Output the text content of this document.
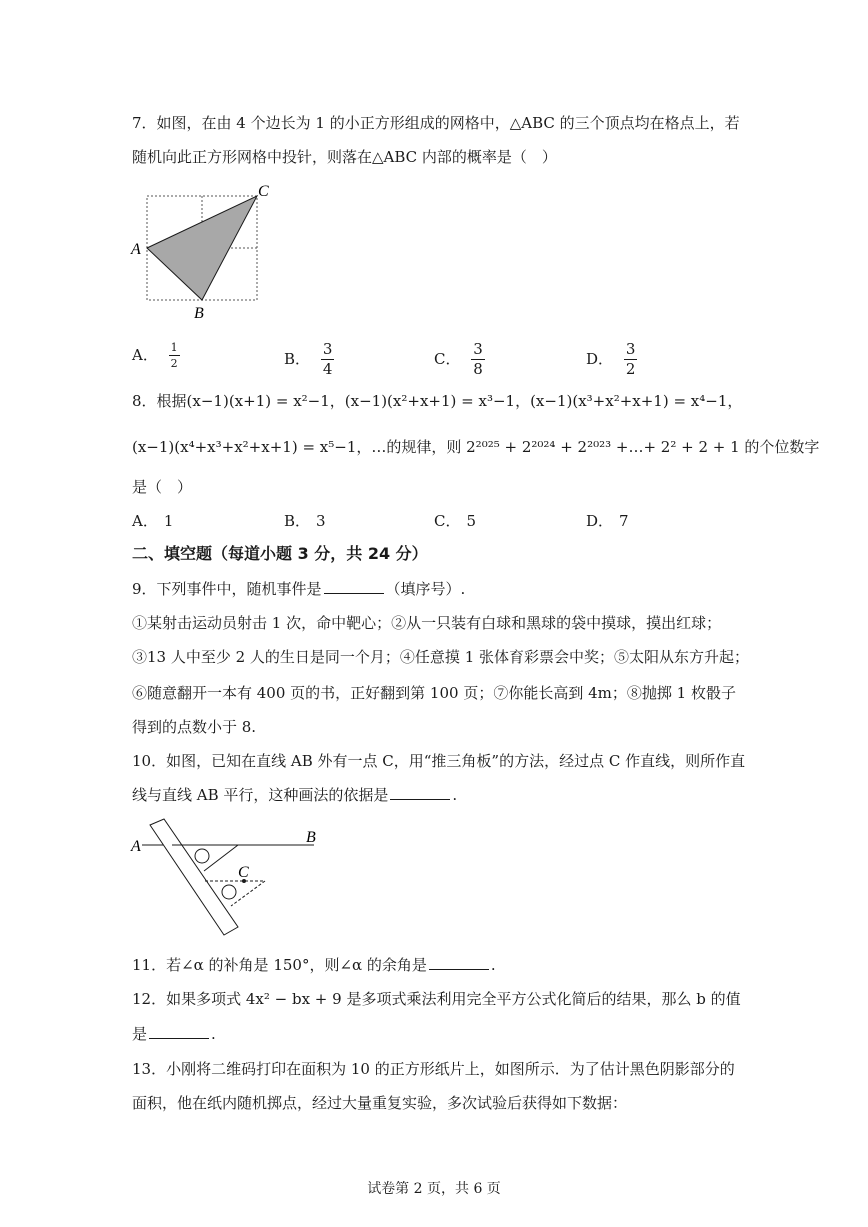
7．如图，在由 4 个边长为 1 的小正方形组成的网格中，△ABC 的三个顶点均在格点上，若
随机向此正方形网格中投针，则落在△ABC 内部的概率是（　）
A
C
B
A． $\frac{1}{2}$	B． $\frac{3}{4}$	C． $\frac{3}{8}$	D． $\frac{3}{2}$
8．根据(x−1)(x+1) = x²−1，(x−1)(x²+x+1) = x³−1，(x−1)(x³+x²+x+1) = x⁴−1，
(x−1)(x⁴+x³+x²+x+1) = x⁵−1，…的规律，则 2²⁰²⁵ + 2²⁰²⁴ + 2²⁰²³ +…+ 2² + 2 + 1 的个位数字
是（　）
A． 1	B． 3	C． 5	D． 7
二、填空题（每道小题 3 分，共 24 分）
9．下列事件中，随机事件是	（填序号）.
①某射击运动员射击 1 次，命中靶心；②从一只装有白球和黑球的袋中摸球，摸出红球；
③13 人中至少 2 人的生日是同一个月；④任意摸 1 张体育彩票会中奖；⑤太阳从东方升起；
⑥随意翻开一本有 400 页的书，正好翻到第 100 页；⑦你能长高到 4m；⑧抛掷 1 枚骰子
得到的点数小于 8.
10．如图，已知在直线 AB 外有一点 C，用“推三角板”的方法，经过点 C 作直线，则所作直
线与直线 AB 平行，这种画法的依据是	.
A
B
C
11．若∠α 的补角是 150°，则∠α 的余角是	.
12．如果多项式 4x² − bx + 9 是多项式乘法利用完全平方公式化简后的结果，那么 b 的值
是	.
13．小刚将二维码打印在面积为 10 的正方形纸片上，如图所示．为了估计黑色阴影部分的
面积，他在纸内随机掷点，经过大量重复实验，多次试验后获得如下数据：
试卷第 2 页，共 6 页
